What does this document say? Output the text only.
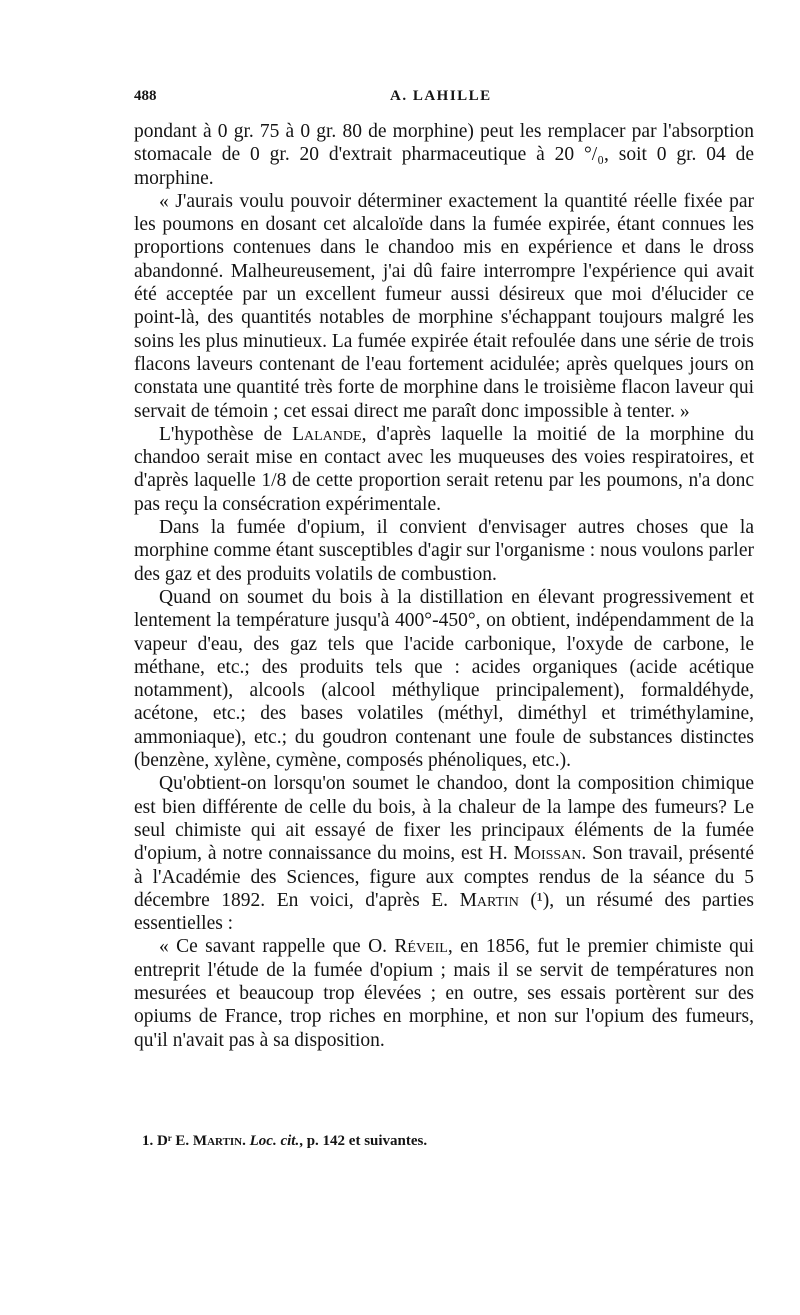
488	A. LAHILLE

pondant à 0 gr. 75 à 0 gr. 80 de morphine) peut les remplacer par l'absorption stomacale de 0 gr. 20 d'extrait pharmaceutique à 20 °/₀, soit 0 gr. 04 de morphine.

« J'aurais voulu pouvoir déterminer exactement la quantité réelle fixée par les poumons en dosant cet alcaloïde dans la fumée expirée, étant connues les proportions contenues dans le chandoo mis en expérience et dans le dross abandonné. Malheureusement, j'ai dû faire interrompre l'expérience qui avait été acceptée par un excellent fumeur aussi désireux que moi d'élucider ce point-là, des quantités notables de morphine s'échappant toujours malgré les soins les plus minutieux. La fumée expirée était refoulée dans une série de trois flacons laveurs contenant de l'eau fortement acidulée; après quelques jours on constata une quantité très forte de morphine dans le troisième flacon laveur qui servait de témoin ; cet essai direct me paraît donc impossible à tenter. »

L'hypothèse de Lalande, d'après laquelle la moitié de la morphine du chandoo serait mise en contact avec les muqueuses des voies respiratoires, et d'après laquelle 1/8 de cette proportion serait retenu par les poumons, n'a donc pas reçu la consécration expérimentale.

Dans la fumée d'opium, il convient d'envisager autres choses que la morphine comme étant susceptibles d'agir sur l'organisme : nous voulons parler des gaz et des produits volatils de combustion.

Quand on soumet du bois à la distillation en élevant progressivement et lentement la température jusqu'à 400°-450°, on obtient, indépendamment de la vapeur d'eau, des gaz tels que l'acide carbonique, l'oxyde de carbone, le méthane, etc.; des produits tels que : acides organiques (acide acétique notamment), alcools (alcool méthylique principalement), formaldéhyde, acétone, etc.; des bases volatiles (méthyl, diméthyl et triméthylamine, ammoniaque), etc.; du goudron contenant une foule de substances distinctes (benzène, xylène, cymène, composés phénoliques, etc.).

Qu'obtient-on lorsqu'on soumet le chandoo, dont la composition chimique est bien différente de celle du bois, à la chaleur de la lampe des fumeurs? Le seul chimiste qui ait essayé de fixer les principaux éléments de la fumée d'opium, à notre connaissance du moins, est H. Moissan. Son travail, présenté à l'Académie des Sciences, figure aux comptes rendus de la séance du 5 décembre 1892. En voici, d'après E. Martin (¹), un résumé des parties essentielles :

« Ce savant rappelle que O. Réveil, en 1856, fut le premier chimiste qui entreprit l'étude de la fumée d'opium ; mais il se servit de températures non mesurées et beaucoup trop élevées ; en outre, ses essais portèrent sur des opiums de France, trop riches en morphine, et non sur l'opium des fumeurs, qu'il n'avait pas à sa disposition.

1. Dʳ E. Martin. Loc. cit., p. 142 et suivantes.
